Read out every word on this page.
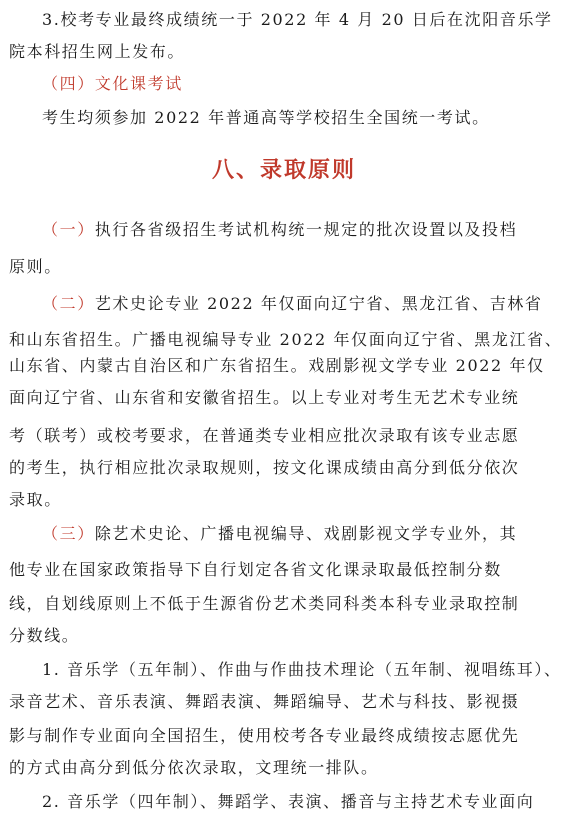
3.校考专业最终成绩统一于 2022 年 4 月 20 日后在沈阳音乐学
院本科招生网上发布。
（四）文化课考试
考生均须参加 2022 年普通高等学校招生全国统一考试。
八、录取原则
（一）执行各省级招生考试机构统一规定的批次设置以及投档
原则。
（二）艺术史论专业 2022 年仅面向辽宁省、黑龙江省、吉林省
和山东省招生。广播电视编导专业 2022 年仅面向辽宁省、黑龙江省、
山东省、内蒙古自治区和广东省招生。戏剧影视文学专业 2022 年仅
面向辽宁省、山东省和安徽省招生。以上专业对考生无艺术专业统
考（联考）或校考要求，在普通类专业相应批次录取有该专业志愿
的考生，执行相应批次录取规则，按文化课成绩由高分到低分依次
录取。
（三）除艺术史论、广播电视编导、戏剧影视文学专业外，其
他专业在国家政策指导下自行划定各省文化课录取最低控制分数
线，自划线原则上不低于生源省份艺术类同科类本科专业录取控制
分数线。
1. 音乐学（五年制）、作曲与作曲技术理论（五年制、视唱练耳）、
录音艺术、音乐表演、舞蹈表演、舞蹈编导、艺术与科技、影视摄
影与制作专业面向全国招生，使用校考各专业最终成绩按志愿优先
的方式由高分到低分依次录取，文理统一排队。
2. 音乐学（四年制）、舞蹈学、表演、播音与主持艺术专业面向
